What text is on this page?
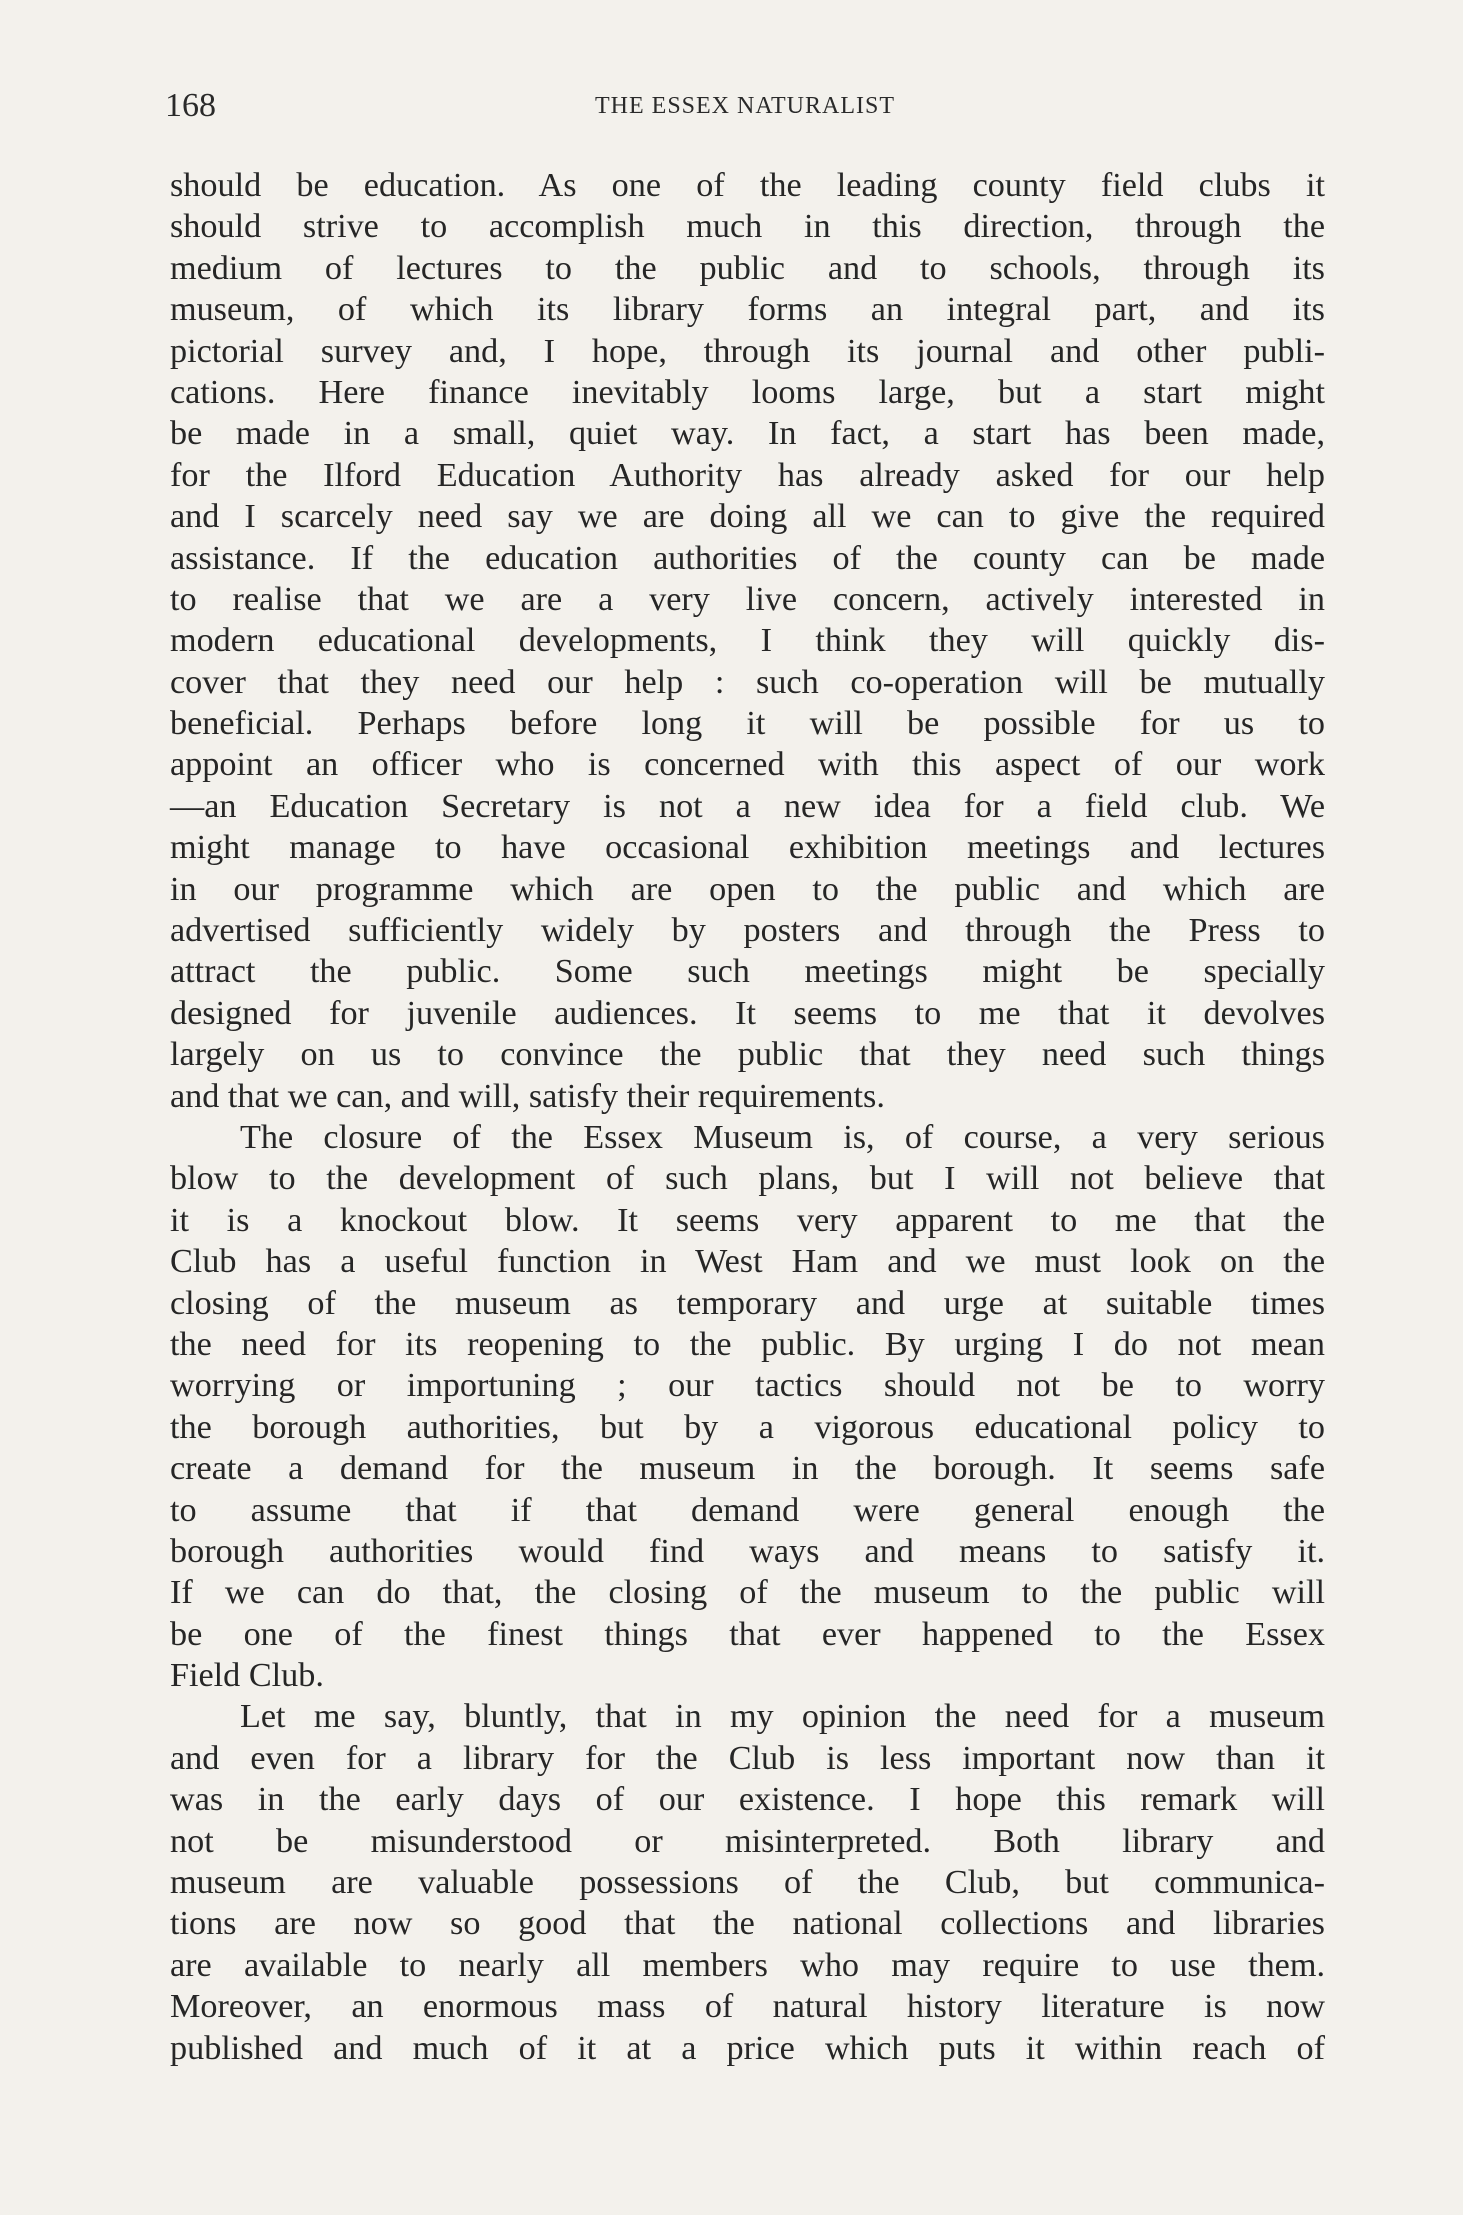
168	THE ESSEX NATURALIST
should be education. As one of the leading county field clubs it
should strive to accomplish much in this direction, through the
medium of lectures to the public and to schools, through its
museum, of which its library forms an integral part, and its
pictorial survey and, I hope, through its journal and other publi-
cations. Here finance inevitably looms large, but a start might
be made in a small, quiet way. In fact, a start has been made,
for the Ilford Education Authority has already asked for our help
and I scarcely need say we are doing all we can to give the required
assistance. If the education authorities of the county can be made
to realise that we are a very live concern, actively interested in
modern educational developments, I think they will quickly dis-
cover that they need our help : such co-operation will be mutually
beneficial. Perhaps before long it will be possible for us to
appoint an officer who is concerned with this aspect of our work
—an Education Secretary is not a new idea for a field club. We
might manage to have occasional exhibition meetings and lectures
in our programme which are open to the public and which are
advertised sufficiently widely by posters and through the Press to
attract the public. Some such meetings might be specially
designed for juvenile audiences. It seems to me that it devolves
largely on us to convince the public that they need such things
and that we can, and will, satisfy their requirements.
The closure of the Essex Museum is, of course, a very serious
blow to the development of such plans, but I will not believe that
it is a knockout blow. It seems very apparent to me that the
Club has a useful function in West Ham and we must look on the
closing of the museum as temporary and urge at suitable times
the need for its reopening to the public. By urging I do not mean
worrying or importuning ; our tactics should not be to worry
the borough authorities, but by a vigorous educational policy to
create a demand for the museum in the borough. It seems safe
to assume that if that demand were general enough the
borough authorities would find ways and means to satisfy it.
If we can do that, the closing of the museum to the public will
be one of the finest things that ever happened to the Essex
Field Club.
Let me say, bluntly, that in my opinion the need for a museum
and even for a library for the Club is less important now than it
was in the early days of our existence. I hope this remark will
not be misunderstood or misinterpreted. Both library and
museum are valuable possessions of the Club, but communica-
tions are now so good that the national collections and libraries
are available to nearly all members who may require to use them.
Moreover, an enormous mass of natural history literature is now
published and much of it at a price which puts it within reach of
